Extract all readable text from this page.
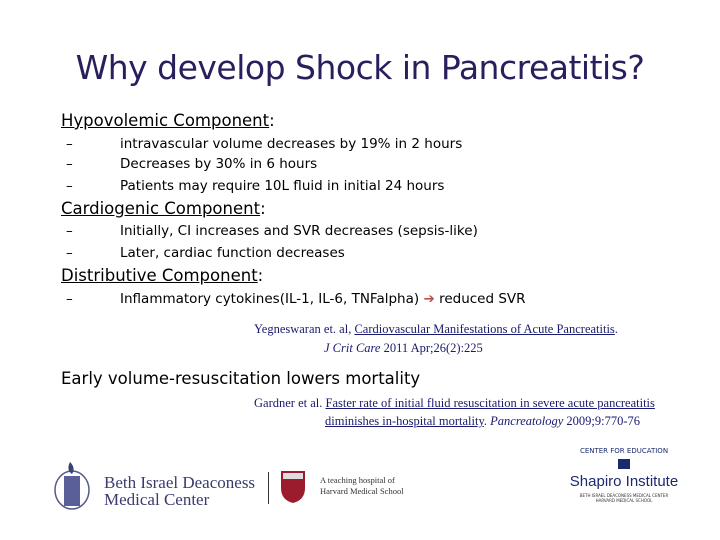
Why develop Shock in Pancreatitis?
Hypovolemic Component:
–	intravascular volume decreases by 19% in 2 hours
–	Decreases by 30% in 6 hours
–	Patients may require 10L fluid in initial 24 hours
Cardiogenic Component:
–	Initially, CI increases and SVR decreases (sepsis-like)
–	Later, cardiac function decreases
Distributive Component:
–	Inflammatory cytokines(IL-1, IL-6, TNFalpha) ➔ reduced SVR
Yegneswaran et. al, Cardiovascular Manifestations of Acute Pancreatitis.
J Crit Care 2011 Apr;26(2):225
Early volume-resuscitation lowers mortality
Gardner et al. Faster rate of initial fluid resuscitation in severe acute pancreatitis
diminishes in-hospital mortality. Pancreatology 2009;9:770-76
Beth Israel Deaconess
Medical Center
A teaching hospital of
Harvard Medical School
CENTER FOR EDUCATION
Shapiro Institute
BETH ISRAEL DEACONESS MEDICAL CENTER
HARVARD MEDICAL SCHOOL
